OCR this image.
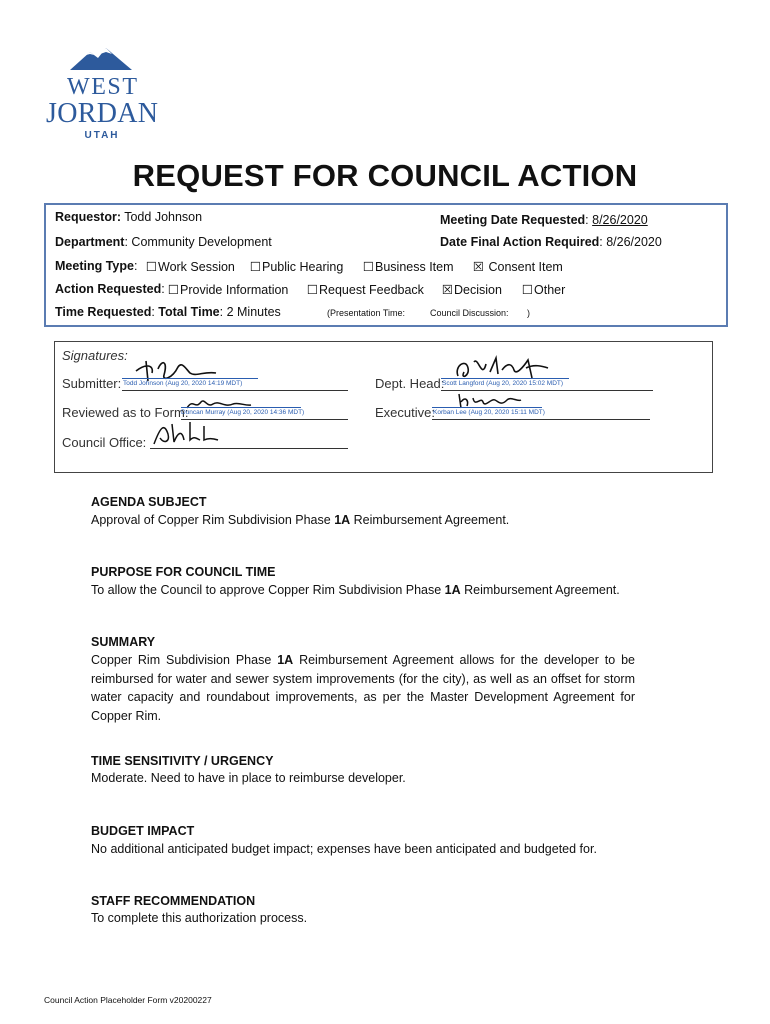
WEST
JORDAN
UTAH
REQUEST FOR COUNCIL ACTION
Requestor: Todd Johnson	Meeting Date Requested: 8/26/2020
Department: Community Development	Date Final Action Required: 8/26/2020
Meeting Type: ☐Work Session ☐Public Hearing ☐Business Item ☒ Consent Item
Action Requested: ☐Provide Information ☐Request Feedback ☒Decision ☐Other
Time Requested: Total Time: 2 Minutes	(Presentation Time:	Council Discussion: )
Signatures:
Submitter: Todd Johnson (Aug 20, 2020 14:19 MDT)
Reviewed as to Form:
Duncan Murray (Aug 20, 2020 14:36 MDT)
Council Office:
Dept. Head:
Scott Langford (Aug 20, 2020 15:02 MDT)
Executive:
Korban Lee (Aug 20, 2020 15:11 MDT)
AGENDA SUBJECT
Approval of Copper Rim Subdivision Phase 1A Reimbursement Agreement.
PURPOSE FOR COUNCIL TIME
To allow the Council to approve Copper Rim Subdivision Phase 1A Reimbursement Agreement.
SUMMARY
Copper Rim Subdivision Phase 1A Reimbursement Agreement allows for the developer to be reimbursed for water and sewer system improvements (for the city), as well as an offset for storm water capacity and roundabout improvements, as per the Master Development Agreement for Copper Rim.
TIME SENSITIVITY / URGENCY
Moderate. Need to have in place to reimburse developer.
BUDGET IMPACT
No additional anticipated budget impact; expenses have been anticipated and budgeted for.
STAFF RECOMMENDATION
To complete this authorization process.
Council Action Placeholder Form v20200227
